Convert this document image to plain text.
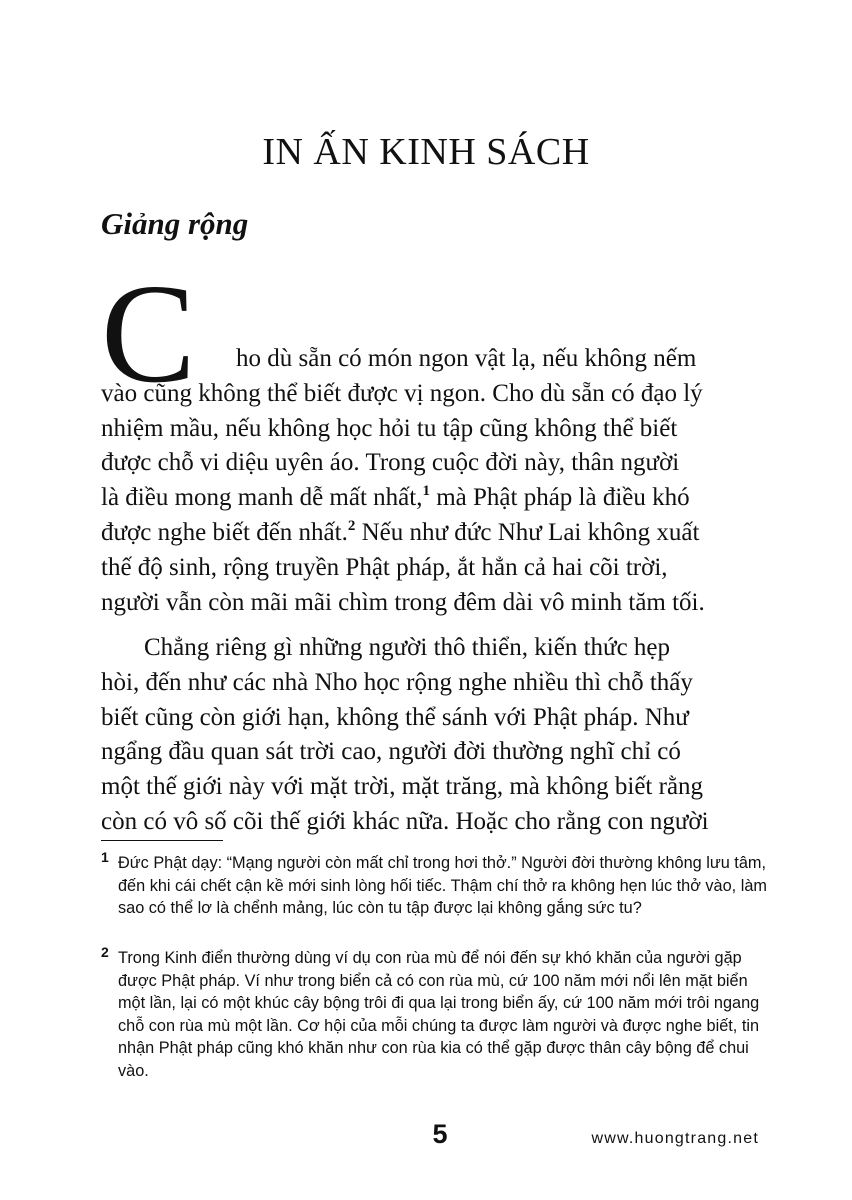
IN ẤN KINH SÁCH
Giảng rộng
C	ho dù sẵn có món ngon vật lạ, nếu không nếm
vào cũng không thể biết được vị ngon. Cho dù sẵn có đạo lý
nhiệm mầu, nếu không học hỏi tu tập cũng không thể biết
được chỗ vi diệu uyên áo. Trong cuộc đời này, thân người
là điều mong manh dễ mất nhất,$^1$ mà Phật pháp là điều khó
được nghe biết đến nhất.$^2$ Nếu như đức Như Lai không xuất
thế độ sinh, rộng truyền Phật pháp, ắt hẳn cả hai cõi trời,
người vẫn còn mãi mãi chìm trong đêm dài vô minh tăm tối.

Chẳng riêng gì những người thô thiển, kiến thức hẹp
hòi, đến như các nhà Nho học rộng nghe nhiều thì chỗ thấy
biết cũng còn giới hạn, không thể sánh với Phật pháp. Như
ngẩng đầu quan sát trời cao, người đời thường nghĩ chỉ có
một thế giới này với mặt trời, mặt trăng, mà không biết rằng
còn có vô số cõi thế giới khác nữa. Hoặc cho rằng con người

1 Đức Phật dạy: “Mạng người còn mất chỉ trong hơi thở.” Người đời thường không lưu tâm, đến khi cái chết cận kề mới sinh lòng hối tiếc. Thậm chí thở ra không hẹn lúc thở vào, làm sao có thể lơ là chểnh mảng, lúc còn tu tập được lại không gắng sức tu?
2 Trong Kinh điển thường dùng ví dụ con rùa mù để nói đến sự khó khăn của người gặp được Phật pháp. Ví như trong biển cả có con rùa mù, cứ 100 năm mới nổi lên mặt biển một lần, lại có một khúc cây bộng trôi đi qua lại trong biển ấy, cứ 100 năm mới trôi ngang chỗ con rùa mù một lần. Cơ hội của mỗi chúng ta được làm người và được nghe biết, tin nhận Phật pháp cũng khó khăn như con rùa kia có thể gặp được thân cây bộng để chui vào.
5	www.huongtrang.net
